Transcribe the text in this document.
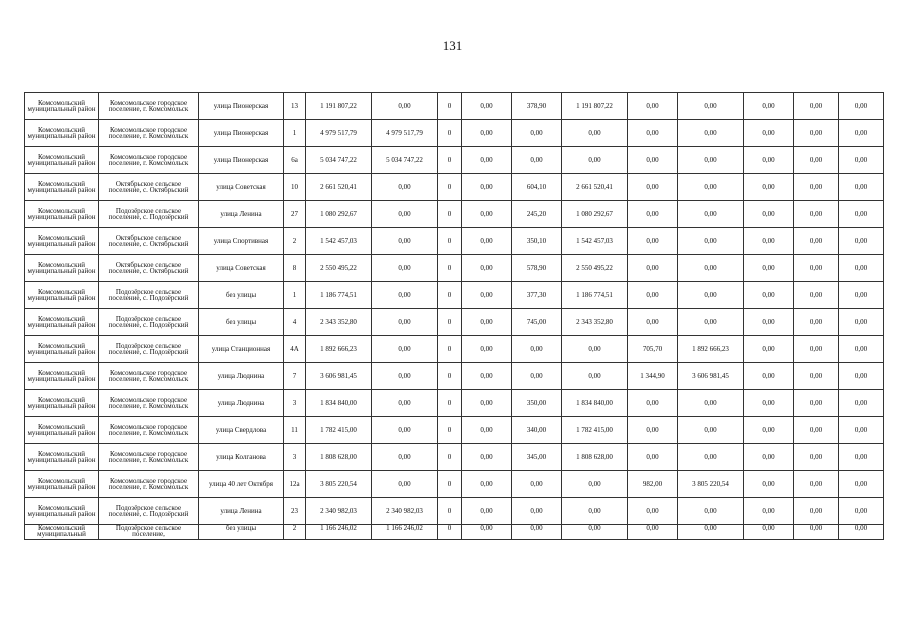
131
Комсомольский муниципальный район	Комсомольское городское поселение, г. Комсомольск	улица Пионерская	13	1 191 807,22	0,00	0	0,00	378,90	1 191 807,22	0,00	0,00	0,00	0,00	0,00
Комсомольский муниципальный район	Комсомольское городское поселение, г. Комсомольск	улица Пионерская	1	4 979 517,79	4 979 517,79	0	0,00	0,00	0,00	0,00	0,00	0,00	0,00	0,00
Комсомольский муниципальный район	Комсомольское городское поселение, г. Комсомольск	улица Пионерская	6а	5 034 747,22	5 034 747,22	0	0,00	0,00	0,00	0,00	0,00	0,00	0,00	0,00
Комсомольский муниципальный район	Октябрьское сельское поселение, с. Октябрьский	улица Советская	10	2 661 520,41	0,00	0	0,00	604,10	2 661 520,41	0,00	0,00	0,00	0,00	0,00
Комсомольский муниципальный район	Подозёрское сельское поселение, с. Подозёрский	улица Ленина	27	1 080 292,67	0,00	0	0,00	245,20	1 080 292,67	0,00	0,00	0,00	0,00	0,00
Комсомольский муниципальный район	Октябрьское сельское поселение, с. Октябрьский	улица Спортивная	2	1 542 457,03	0,00	0	0,00	350,10	1 542 457,03	0,00	0,00	0,00	0,00	0,00
Комсомольский муниципальный район	Октябрьское сельское поселение, с. Октябрьский	улица Советская	8	2 550 495,22	0,00	0	0,00	578,90	2 550 495,22	0,00	0,00	0,00	0,00	0,00
Комсомольский муниципальный район	Подозёрское сельское поселение, с. Подозёрский	без улицы	1	1 186 774,51	0,00	0	0,00	377,30	1 186 774,51	0,00	0,00	0,00	0,00	0,00
Комсомольский муниципальный район	Подозёрское сельское поселение, с. Подозёрский	без улицы	4	2 343 352,80	0,00	0	0,00	745,00	2 343 352,80	0,00	0,00	0,00	0,00	0,00
Комсомольский муниципальный район	Подозёрское сельское поселение, с. Подозёрский	улица Станционная	4А	1 892 666,23	0,00	0	0,00	0,00	0,00	705,70	1 892 666,23	0,00	0,00	0,00
Комсомольский муниципальный район	Комсомольское городское поселение, г. Комсомольск	улица Люднина	7	3 606 981,45	0,00	0	0,00	0,00	0,00	1 344,90	3 606 981,45	0,00	0,00	0,00
Комсомольский муниципальный район	Комсомольское городское поселение, г. Комсомольск	улица Люднина	3	1 834 840,00	0,00	0	0,00	350,00	1 834 840,00	0,00	0,00	0,00	0,00	0,00
Комсомольский муниципальный район	Комсомольское городское поселение, г. Комсомольск	улица Свердлова	11	1 782 415,00	0,00	0	0,00	340,00	1 782 415,00	0,00	0,00	0,00	0,00	0,00
Комсомольский муниципальный район	Комсомольское городское поселение, г. Комсомольск	улица Колганова	3	1 808 628,00	0,00	0	0,00	345,00	1 808 628,00	0,00	0,00	0,00	0,00	0,00
Комсомольский муниципальный район	Комсомольское городское поселение, г. Комсомольск	улица 40 лет Октября	12а	3 805 220,54	0,00	0	0,00	0,00	0,00	982,00	3 805 220,54	0,00	0,00	0,00
Комсомольский муниципальный район	Подозёрское сельское поселение, с. Подозёрский	улица Ленина	23	2 340 982,03	2 340 982,03	0	0,00	0,00	0,00	0,00	0,00	0,00	0,00	0,00
Комсомольский муниципальный	Подозёрское сельское поселение,	без улицы	2	1 166 246,02	1 166 246,02	0	0,00	0,00	0,00	0,00	0,00	0,00	0,00	0,00
